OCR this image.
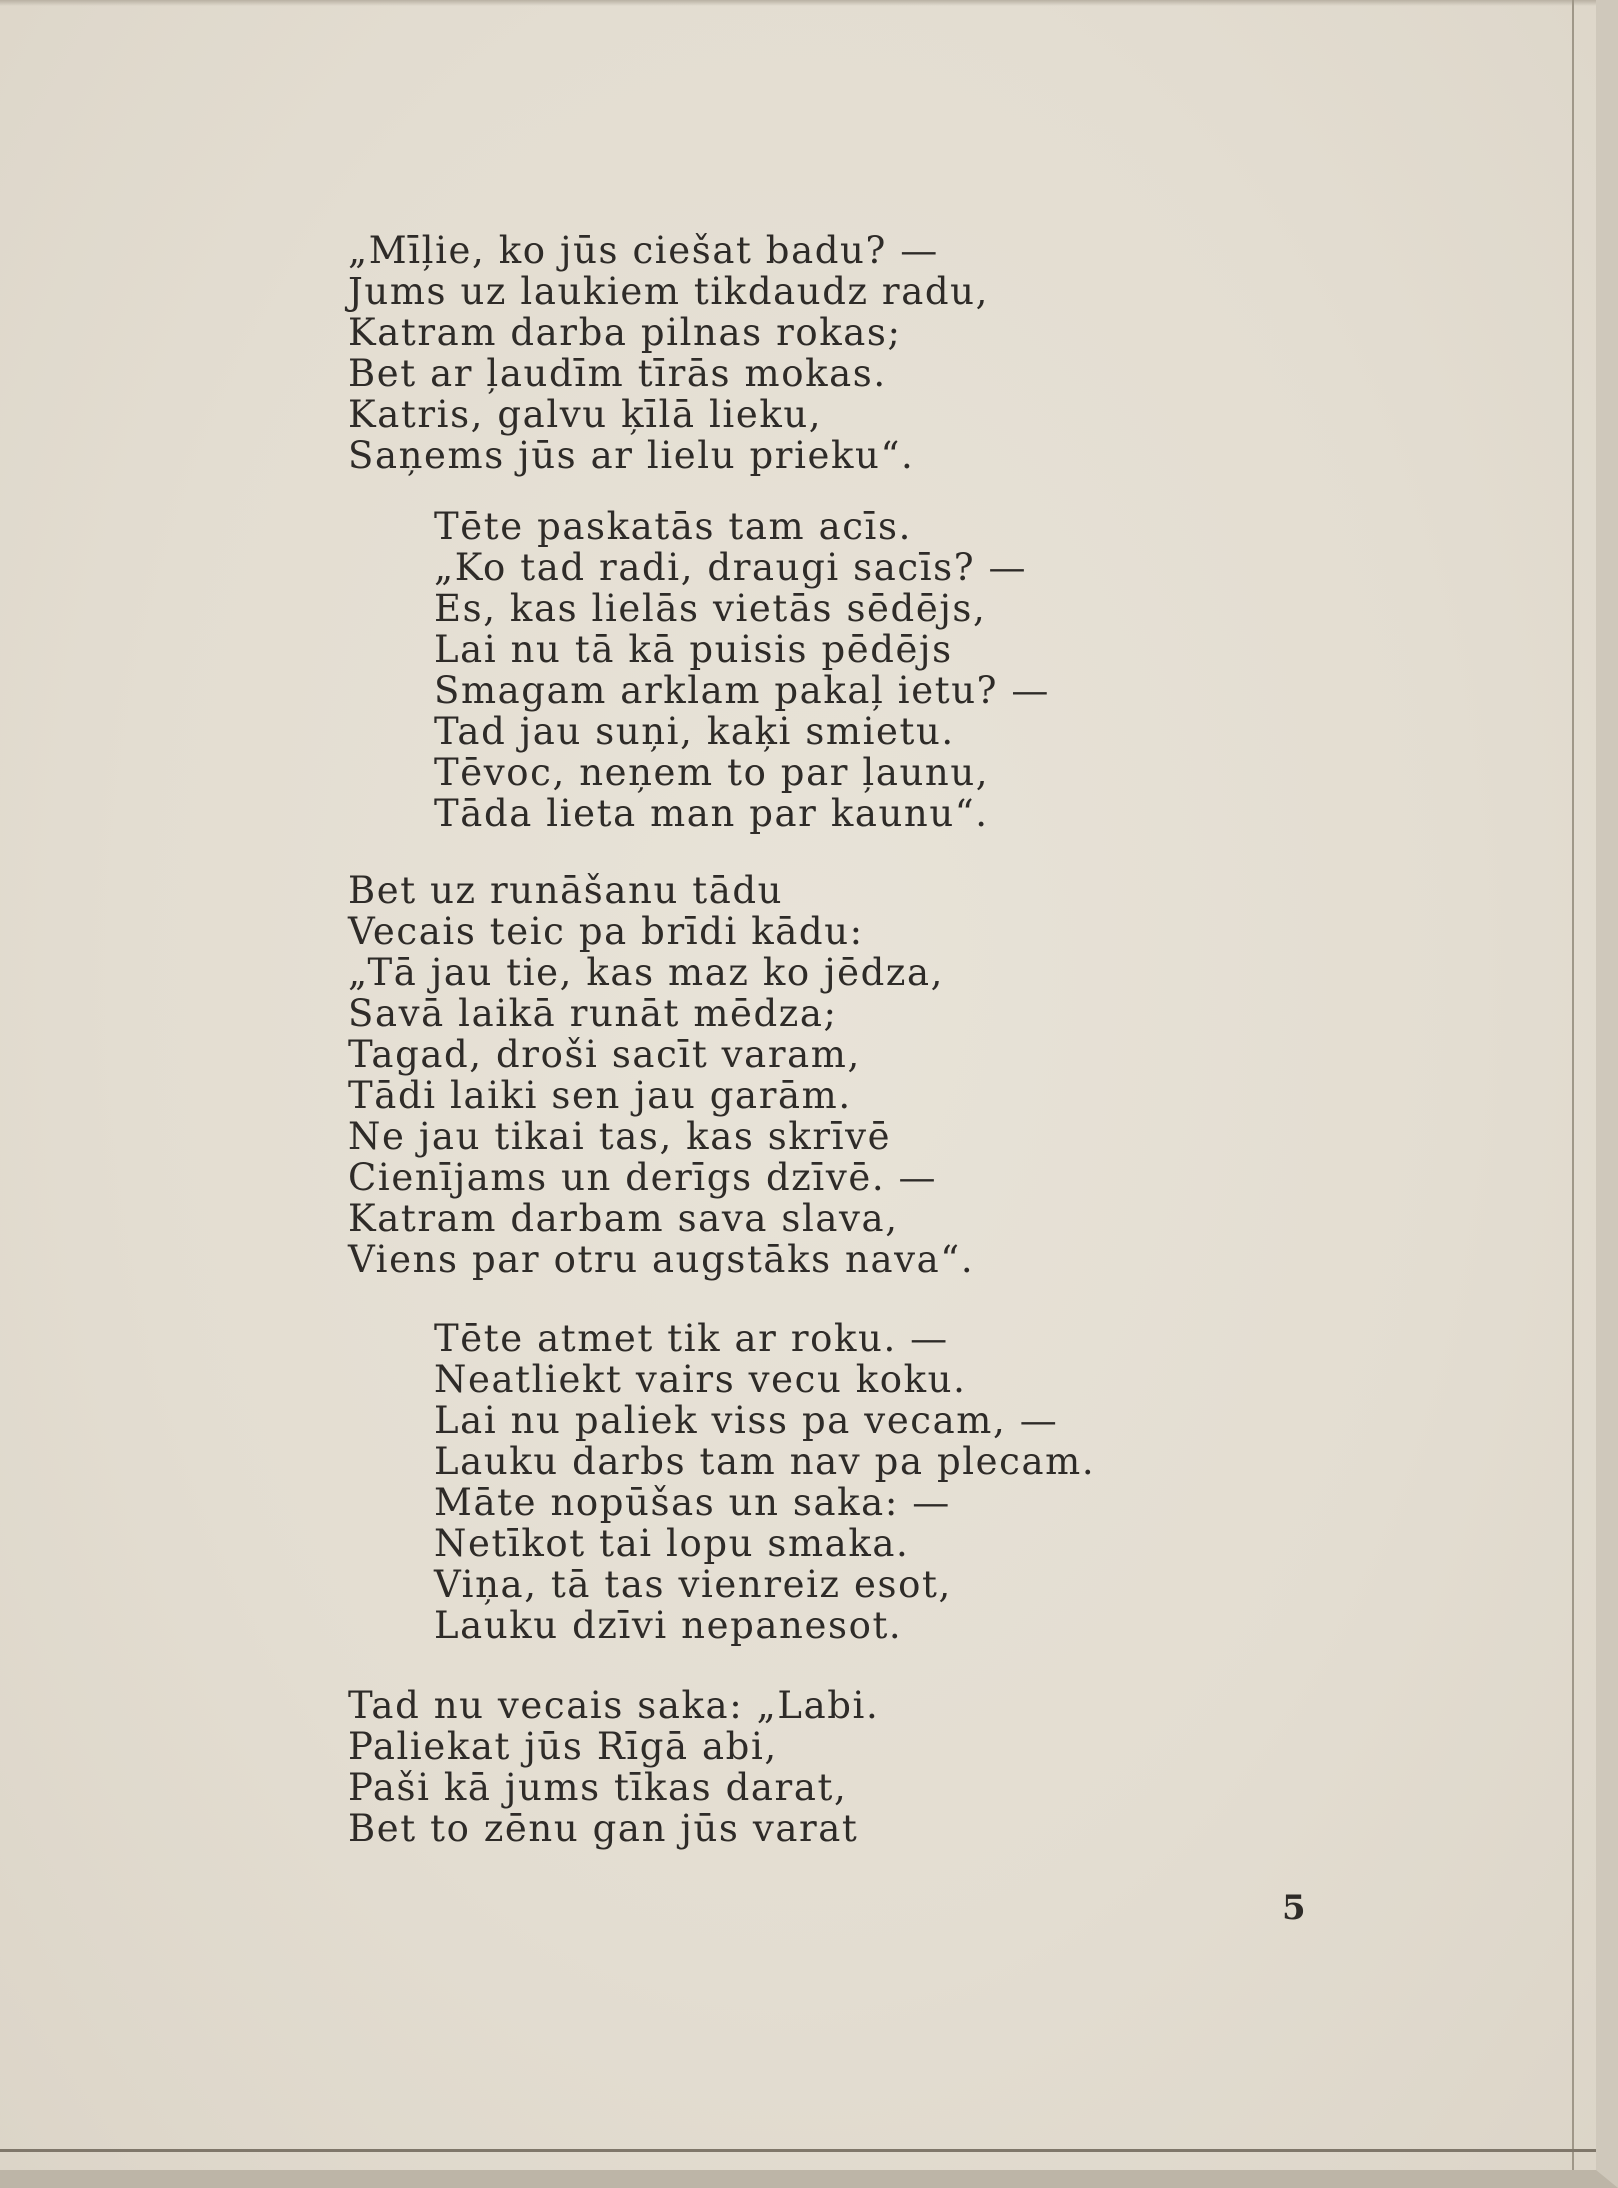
„Mīļie, ko jūs ciešat badu? —
Jums uz laukiem tikdaudz radu,
Katram darba pilnas rokas;
Bet ar ļaudīm tīrās mokas.
Katris, galvu ķīlā lieku,
Saņems jūs ar lielu prieku“.
Tēte paskatās tam acīs.
„Ko tad radi, draugi sacīs? —
Es, kas lielās vietās sēdējs,
Lai nu tā kā puisis pēdējs
Smagam arklam pakaļ ietu? —
Tad jau suņi, kaķi smietu.
Tēvoc, neņem to par ļaunu,
Tāda lieta man par kaunu“.
Bet uz runāšanu tādu
Vecais teic pa brīdi kādu:
„Tā jau tie, kas maz ko jēdza,
Savā laikā runāt mēdza;
Tagad, droši sacīt varam,
Tādi laiki sen jau garām.
Ne jau tikai tas, kas skrīvē
Cienījams un derīgs dzīvē. —
Katram darbam sava slava,
Viens par otru augstāks nava“.
Tēte atmet tik ar roku. —
Neatliekt vairs vecu koku.
Lai nu paliek viss pa vecam, —
Lauku darbs tam nav pa plecam.
Māte nopūšas un saka: —
Netīkot tai lopu smaka.
Viņa, tā tas vienreiz esot,
Lauku dzīvi nepanesot.
Tad nu vecais saka: „Labi.
Paliekat jūs Rīgā abi,
Paši kā jums tīkas darat,
Bet to zēnu gan jūs varat
5
